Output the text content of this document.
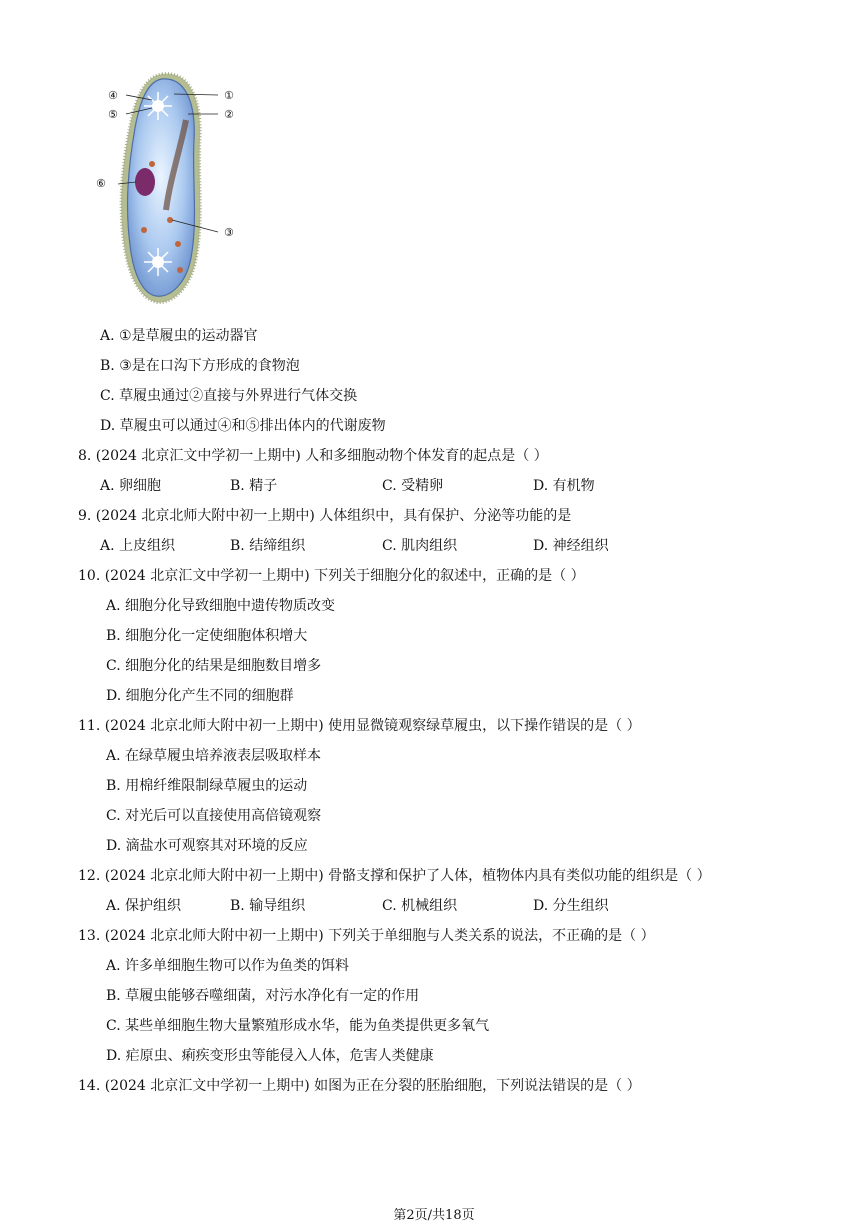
④
⑤
⑥
①
②
③
A. ①是草履虫的运动器官
B. ③是在口沟下方形成的食物泡
C. 草履虫通过②直接与外界进行气体交换
D. 草履虫可以通过④和⑤排出体内的代谢废物
8. (2024 北京汇文中学初一上期中) 人和多细胞动物个体发育的起点是（ ）
A. 卵细胞	B. 精子	C. 受精卵	D. 有机物
9. (2024 北京北师大附中初一上期中) 人体组织中，具有保护、分泌等功能的是
A. 上皮组织	B. 结缔组织	C. 肌肉组织	D. 神经组织
10. (2024 北京汇文中学初一上期中) 下列关于细胞分化的叙述中，正确的是（ ）
A. 细胞分化导致细胞中遗传物质改变
B. 细胞分化一定使细胞体积增大
C. 细胞分化的结果是细胞数目增多
D. 细胞分化产生不同的细胞群
11. (2024 北京北师大附中初一上期中) 使用显微镜观察绿草履虫，以下操作错误的是（ ）
A. 在绿草履虫培养液表层吸取样本
B. 用棉纤维限制绿草履虫的运动
C. 对光后可以直接使用高倍镜观察
D. 滴盐水可观察其对环境的反应
12. (2024 北京北师大附中初一上期中) 骨骼支撑和保护了人体，植物体内具有类似功能的组织是（ ）
A. 保护组织	B. 输导组织	C. 机械组织	D. 分生组织
13. (2024 北京北师大附中初一上期中) 下列关于单细胞与人类关系的说法，不正确的是（ ）
A. 许多单细胞生物可以作为鱼类的饵料
B. 草履虫能够吞噬细菌，对污水净化有一定的作用
C. 某些单细胞生物大量繁殖形成水华，能为鱼类提供更多氧气
D. 疟原虫、痢疾变形虫等能侵入人体，危害人类健康
14. (2024 北京汇文中学初一上期中) 如图为正在分裂的胚胎细胞，下列说法错误的是（ ）
第2页/共18页
